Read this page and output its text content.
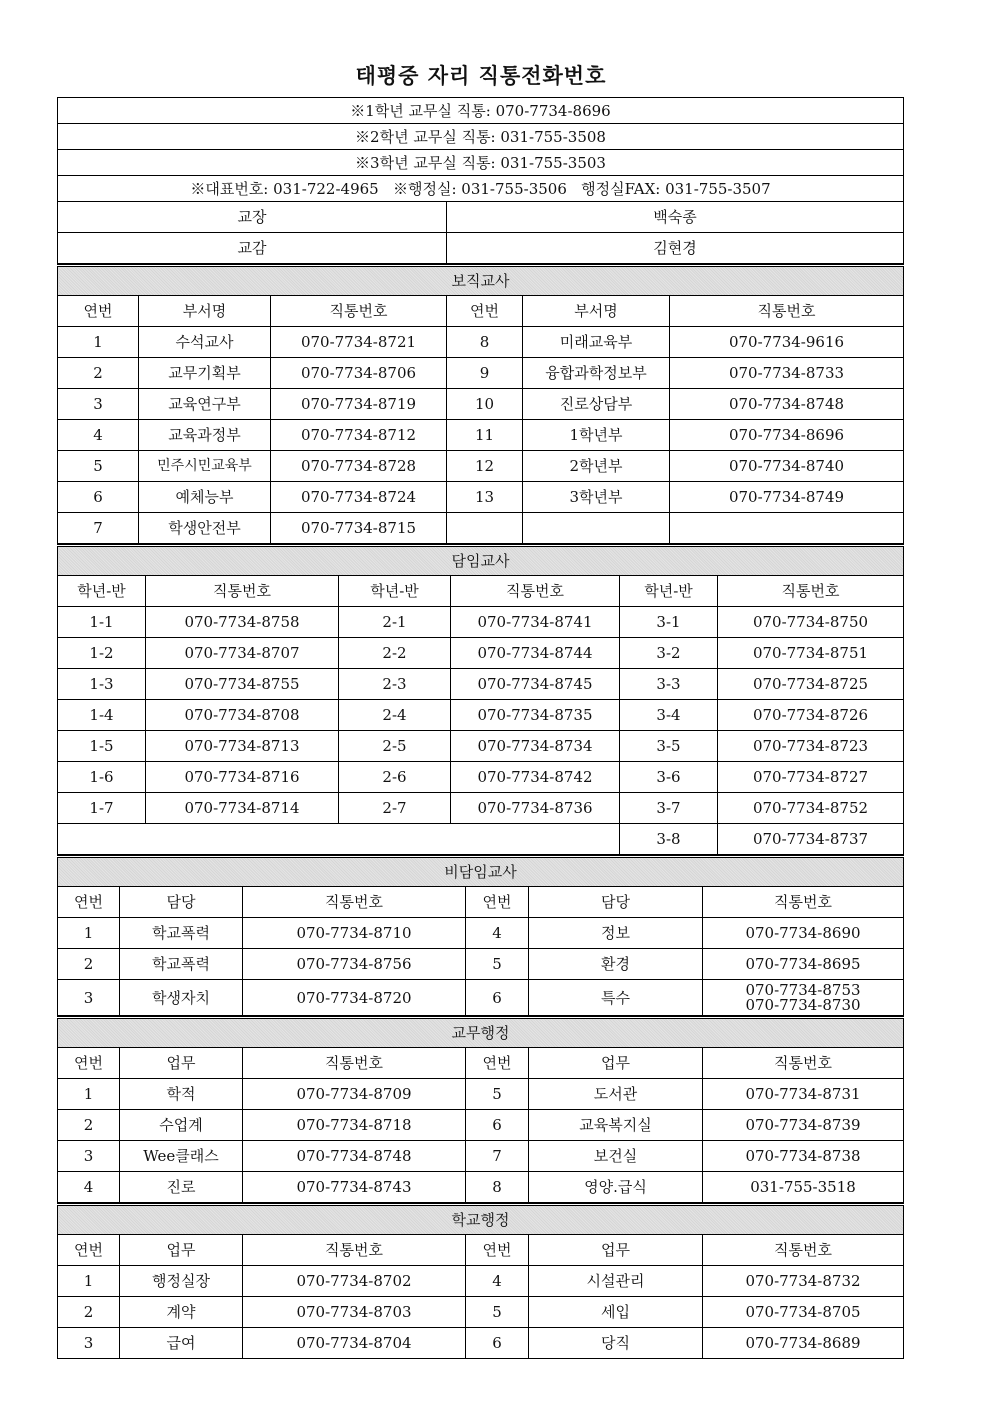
태평중 자리 직통전화번호
※1학년 교무실 직통: 070-7734-8696	
※2학년 교무실 직통: 031-755-3508	
※3학년 교무실 직통: 031-755-3503	
※대표번호: 031-722-4965   ※행정실: 031-755-3506   행정실FAX: 031-755-3507	
교장	백숙종
교감	김현경
보직교사					
연번	부서명	직통번호	연번	부서명	직통번호
1	수석교사	070-7734-8721	8	미래교육부	070-7734-9616
2	교무기획부	070-7734-8706	9	융합과학정보부	070-7734-8733
3	교육연구부	070-7734-8719	10	진로상담부	070-7734-8748
4	교육과정부	070-7734-8712	11	1학년부	070-7734-8696
5	민주시민교육부	070-7734-8728	12	2학년부	070-7734-8740
6	예체능부	070-7734-8724	13	3학년부	070-7734-8749
7	학생안전부	070-7734-8715			
담임교사					
학년-반	직통번호	학년-반	직통번호	학년-반	직통번호
1-1	070-7734-8758	2-1	070-7734-8741	3-1	070-7734-8750
1-2	070-7734-8707	2-2	070-7734-8744	3-2	070-7734-8751
1-3	070-7734-8755	2-3	070-7734-8745	3-3	070-7734-8725
1-4	070-7734-8708	2-4	070-7734-8735	3-4	070-7734-8726
1-5	070-7734-8713	2-5	070-7734-8734	3-5	070-7734-8723
1-6	070-7734-8716	2-6	070-7734-8742	3-6	070-7734-8727
1-7	070-7734-8714	2-7	070-7734-8736	3-7	070-7734-8752
				3-8	070-7734-8737
비담임교사					
연번	담당	직통번호	연번	담당	직통번호
1	학교폭력	070-7734-8710	4	정보	070-7734-8690
2	학교폭력	070-7734-8756	5	환경	070-7734-8695
3	학생자치	070-7734-8720	6	특수	070-7734-8753
070-7734-8730
교무행정					
연번	업무	직통번호	연번	업무	직통번호
1	학적	070-7734-8709	5	도서관	070-7734-8731
2	수업계	070-7734-8718	6	교육복지실	070-7734-8739
3	Wee클래스	070-7734-8748	7	보건실	070-7734-8738
4	진로	070-7734-8743	8	영양.급식	031-755-3518
학교행정					
연번	업무	직통번호	연번	업무	직통번호
1	행정실장	070-7734-8702	4	시설관리	070-7734-8732
2	계약	070-7734-8703	5	세입	070-7734-8705
3	급여	070-7734-8704	6	당직	070-7734-8689
